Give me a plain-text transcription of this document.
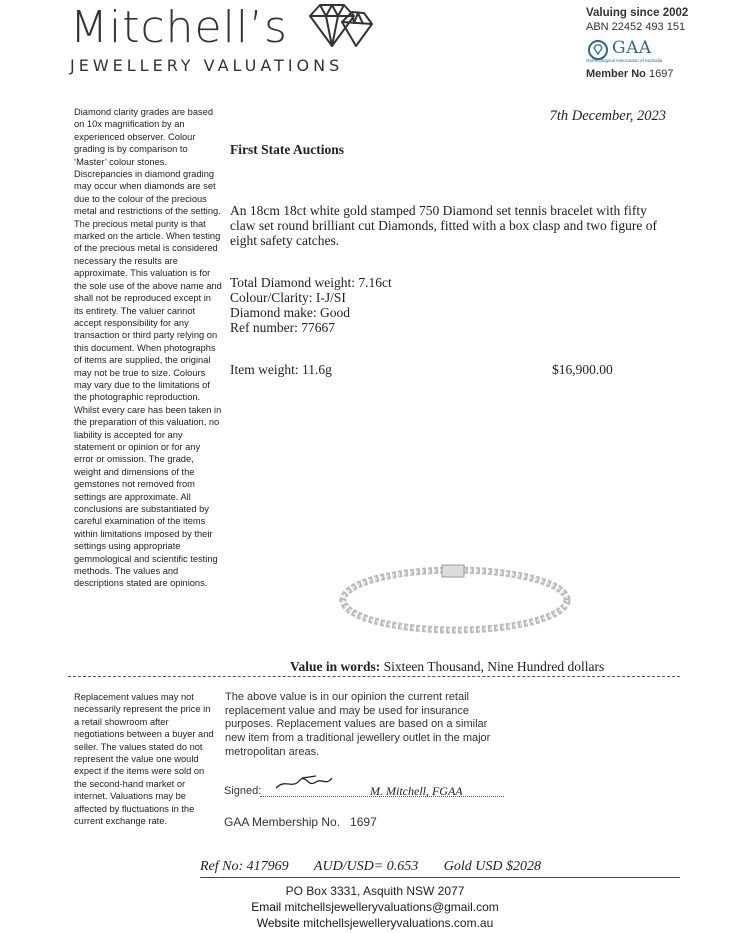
Mitchell’s
JEWELLERY VALUATIONS
Valuing since 2002
ABN 22452 493 151
GAA
Gemmological Association of Australia
Member No 1697
Diamond clarity grades are based on 10x magnification by an experienced observer. Colour grading is by comparison to ‘Master’ colour stones. Discrepancies in diamond grading may occur when diamonds are set due to the colour of the precious metal and restrictions of the setting. The precious metal purity is that marked on the article. When testing of the precious metal is considered necessary the results are approximate. This valuation is for the sole use of the above name and shall not be reproduced except in its entirety. The valuer cannot accept responsibility for any transaction or third party relying on this document. When photographs of items are supplied, the original may not be true to size. Colours may vary due to the limitations of the photographic reproduction. Whilst every care has been taken in the preparation of this valuation, no liability is accepted for any statement or opinion or for any error or omission. The grade, weight and dimensions of the gemstones not removed from settings are approximate. All conclusions are substantiated by careful examination of the items within limitations imposed by their settings using appropriate gemmological and scientific testing methods. The values and descriptions stated are opinions.
Replacement values may not necessarily represent the price in a retail showroom after negotiations between a buyer and seller. The values stated do not represent the value one would expect if the items were sold on the second-hand market or internet. Valuations may be affected by fluctuations in the current exchange rate.
7th December, 2023
First State Auctions
An 18cm 18ct white gold stamped 750 Diamond set tennis bracelet with fifty claw set round brilliant cut Diamonds, fitted with a box clasp and two figure of eight safety catches.
Total Diamond weight: 7.16ct
Colour/Clarity: I-J/SI
Diamond make: Good
Ref number: 77667
Item weight: 11.6g	$16,900.00
Value in words: Sixteen Thousand, Nine Hundred dollars
The above value is in our opinion the current retail replacement value and may be used for insurance purposes. Replacement values are based on a similar new item from a traditional jewellery outlet in the major metropolitan areas.
Signed:	M. Mitchell, FGAA
GAA Membership No. 1697
Ref No: 417969 AUD/USD= 0.653 Gold USD $2028
PO Box 3331, Asquith NSW 2077
Email mitchellsjewelleryvaluations@gmail.com
Website mitchellsjewelleryvaluations.com.au
